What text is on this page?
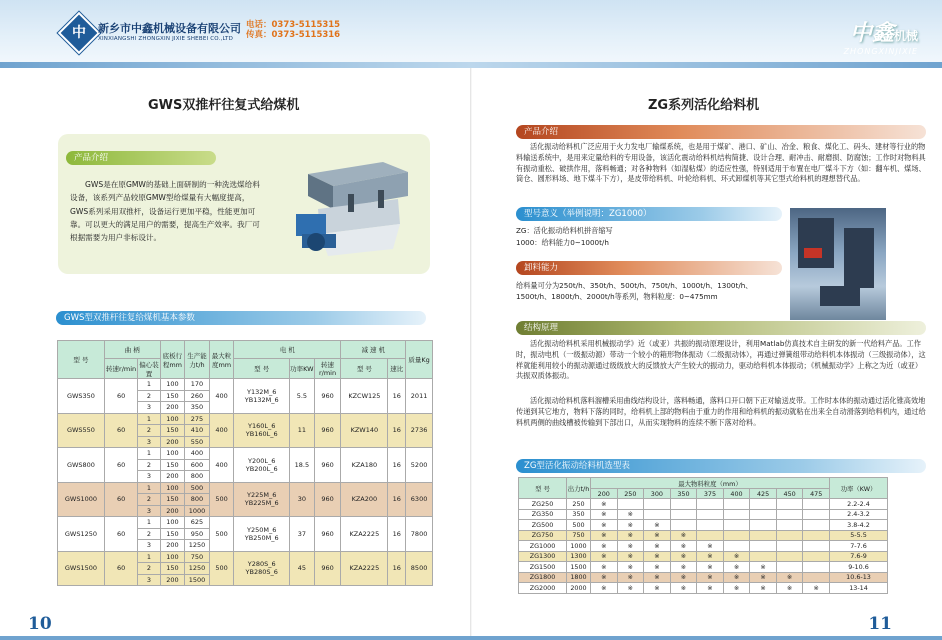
中	新乡市中鑫机械设备有限公司
XINXIANGSHI ZHONGXIN JIXIE SHEBEI CO.,LTD
电话：0373-5115315
传真：0373-5115316	中鑫机械
ZHONGXINJIXIE
GWS双推杆往复式给煤机
产品介绍
GWS是在原GMW的基础上面研制的一种洗选煤给料设备，该系列产品较原GMW型给煤量有大幅度提高，GWS系列采用双推杆，设备运行更加平稳，性能更加可靠。可以更大的满足用户的需要，提高生产效率。我厂可根据需要为用户非标设计。
GWS型双推杆往复给煤机基本参数
型 号	曲 柄		底板行程mm	生产能力t/h	最大粒度mm	电 机			减 速 机		质量Kg
	转速r/min	偏心装置				型 号	功率KW	转速r/min	型 号	速比	
GWS350	60	1	100	170	400	Y132M_6
YB132M_6	5.5	960	KZCW125	16	2011
		2	150	260							
		3	200	350							
GWS550	60	1	100	275	400	Y160L_6
YB160L_6	11	960	KZW140	16	2736
		2	150	410							
		3	200	550							
GWS800	60	1	100	400	400	Y200L_6
YB200L_6	18.5	960	KZA180	16	5200
		2	150	600							
		3	200	800							
GWS1000	60	1	100	500	500	Y225M_6
YB225M_6	30	960	KZA200	16	6300
		2	150	800							
		3	200	1000							
GWS1250	60	1	100	625	500	Y250M_6
YB250M_6	37	960	KZA2225	16	7800
		2	150	950							
		3	200	1250							
GWS1500	60	1	100	750	500	Y280S_6
YB280S_6	45	960	KZA2225	16	8500
		2	150	1250							
		3	200	1500							
10
ZG系列活化给料机
产品介绍
活化振动给料机广泛应用于火力发电厂输煤系统，也是用于煤矿、港口、矿山、冶金、粮食、煤化工、码头、建材等行业的物料输送系统中，是用来定量给料的专用设备，该活化震动给料机结构简捷、设计合理、耐冲击、耐磨损、防腐蚀；工作时对物料具有振动重松、破拱作用，落料畅通；对各种物料（如湿粘煤）的适应性强，特别适用于布置在电厂煤斗下方（如：翻车机、煤场、筒仓、圆形料场、地下煤斗下方），是皮带给料机、叶轮给料机、环式卸煤机等其它型式给料机的理想替代品。
型号意义（举例说明：ZG1000）
ZG：活化振动给料机拼音缩写
1000：给料能力0~1000t/h
卸料能力
给料量可分为250t/h、350t/h、500t/h、750t/h、1000t/h、1300t/h、1500t/h、1800t/h、2000t/h等系列，物料粒度：0~475mm
结构原理
活化振动给料机采用机械振动学》近（或亚）共振的振动原理设计，利用Matlab仿真技术自主研发的新一代给料产品。工作时，振动电机（一级振动源）带动一个较小的箱形物体振动（二级振动体），再通过弹簧组带动给料机本体振动（三级振动体），这样就能利用较小的振动源通过级级放大的反馈放大产生较大的振动力，驱动给料机本体振动；《机械振动学》上称之为近（或亚）共振双质体振动。
活化振动给料机落料溜槽采用曲线结构设计，落料畅通，落料口开口朝下正对输送皮带。工作时本体的振动通过活化锥高效地传递到其它地方，物料下落的同时，给料机上部的物料由于重力的作用和给料机的振动就粘在出来全自动滑落到给料机内，通过给料机两侧的曲线槽被传输到下部出口，从而实现物料的连续不断下落对给料。
ZG型活化振动给料机选型表
型 号	出力t/h	最大物料粒度（mm）									功率（KW）
		200	250	300	350	375	400	425	450	475	
ZG250	250	※									2.2-2.4
ZG350	350	※	※								2.4-3.2
ZG500	500	※	※	※							3.8-4.2
ZG750	750	※	※	※	※						5-5.5
ZG1000	1000	※	※	※	※	※					7-7.6
ZG1300	1300	※	※	※	※	※	※				7.6-9
ZG1500	1500	※	※	※	※	※	※	※			9-10.6
ZG1800	1800	※	※	※	※	※	※	※	※		10.6-13
ZG2000	2000	※	※	※	※	※	※	※	※	※	13-14
11
